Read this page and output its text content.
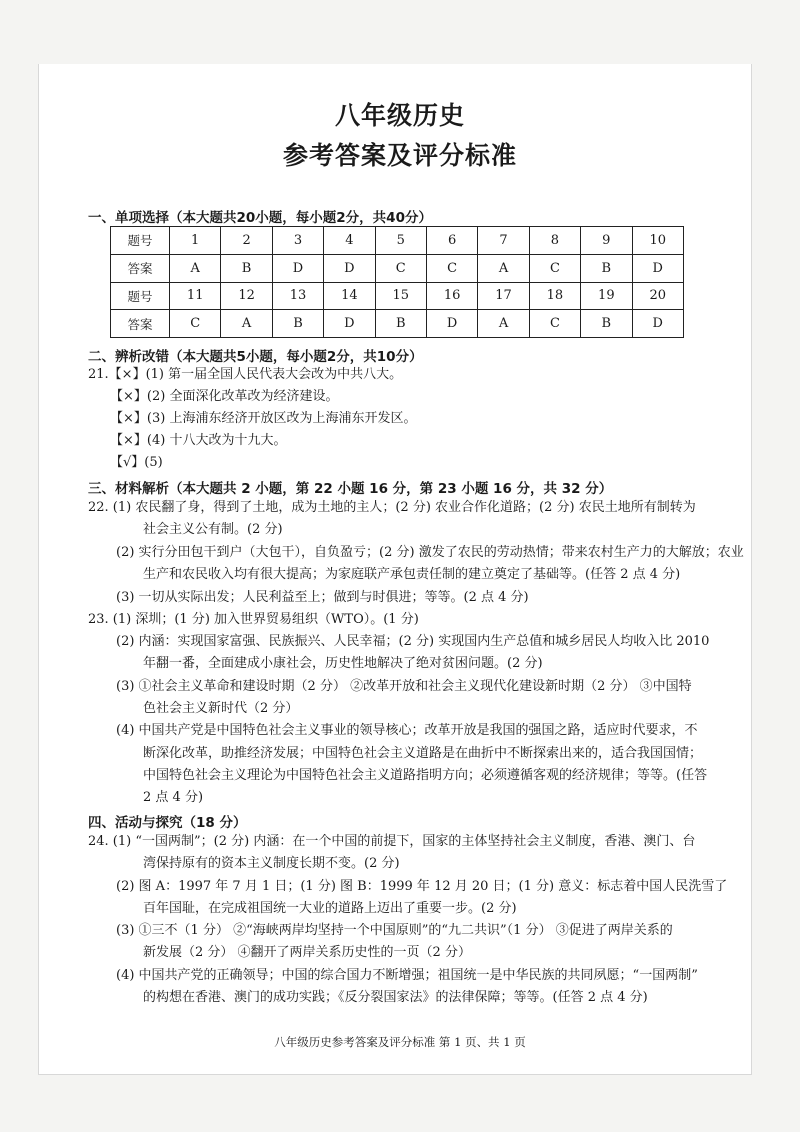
八年级历史
参考答案及评分标准
一、单项选择（本大题共20小题，每小题2分，共40分）
题号	1	2	3	4	5	6	7	8	9	10
答案	A	B	D	D	C	C	A	C	B	D
题号	11	12	13	14	15	16	17	18	19	20
答案	C	A	B	D	B	D	A	C	B	D
二、辨析改错（本大题共5小题，每小题2分，共10分）
21.【×】(1) 第一届全国人民代表大会改为中共八大。
【×】(2) 全面深化改革改为经济建设。
【×】(3) 上海浦东经济开放区改为上海浦东开发区。
【×】(4) 十八大改为十九大。
【√】(5)
三、材料解析（本大题共 2 小题，第 22 小题 16 分，第 23 小题 16 分，共 32 分）
22. (1) 农民翻了身，得到了土地，成为土地的主人；(2 分) 农业合作化道路；(2 分) 农民土地所有制转为
社会主义公有制。(2 分)
(2) 实行分田包干到户（大包干），自负盈亏；(2 分) 激发了农民的劳动热情；带来农村生产力的大解放；农业
生产和农民收入均有很大提高；为家庭联产承包责任制的建立奠定了基础等。(任答 2 点 4 分)
(3) 一切从实际出发；人民利益至上；做到与时俱进；等等。(2 点 4 分)
23. (1) 深圳；(1 分) 加入世界贸易组织（WTO）。(1 分)
(2) 内涵：实现国家富强、民族振兴、人民幸福；(2 分) 实现国内生产总值和城乡居民人均收入比 2010
年翻一番，全面建成小康社会，历史性地解决了绝对贫困问题。(2 分)
(3) ①社会主义革命和建设时期（2 分） ②改革开放和社会主义现代化建设新时期（2 分） ③中国特
色社会主义新时代（2 分）
(4) 中国共产党是中国特色社会主义事业的领导核心；改革开放是我国的强国之路，适应时代要求，不
断深化改革，助推经济发展；中国特色社会主义道路是在曲折中不断探索出来的，适合我国国情；
中国特色社会主义理论为中国特色社会主义道路指明方向；必须遵循客观的经济规律；等等。(任答
2 点 4 分)
四、活动与探究（18 分）
24. (1) “一国两制”；(2 分) 内涵：在一个中国的前提下，国家的主体坚持社会主义制度，香港、澳门、台
湾保持原有的资本主义制度长期不变。(2 分)
(2) 图 A：1997 年 7 月 1 日；(1 分) 图 B：1999 年 12 月 20 日；(1 分) 意义：标志着中国人民洗雪了
百年国耻，在完成祖国统一大业的道路上迈出了重要一步。(2 分)
(3) ①三不（1 分） ②“海峡两岸均坚持一个中国原则”的“九二共识”（1 分） ③促进了两岸关系的
新发展（2 分） ④翻开了两岸关系历史性的一页（2 分）
(4) 中国共产党的正确领导；中国的综合国力不断增强；祖国统一是中华民族的共同夙愿；“一国两制”
的构想在香港、澳门的成功实践；《反分裂国家法》的法律保障；等等。(任答 2 点 4 分)
八年级历史参考答案及评分标准 第 1 页、共 1 页
